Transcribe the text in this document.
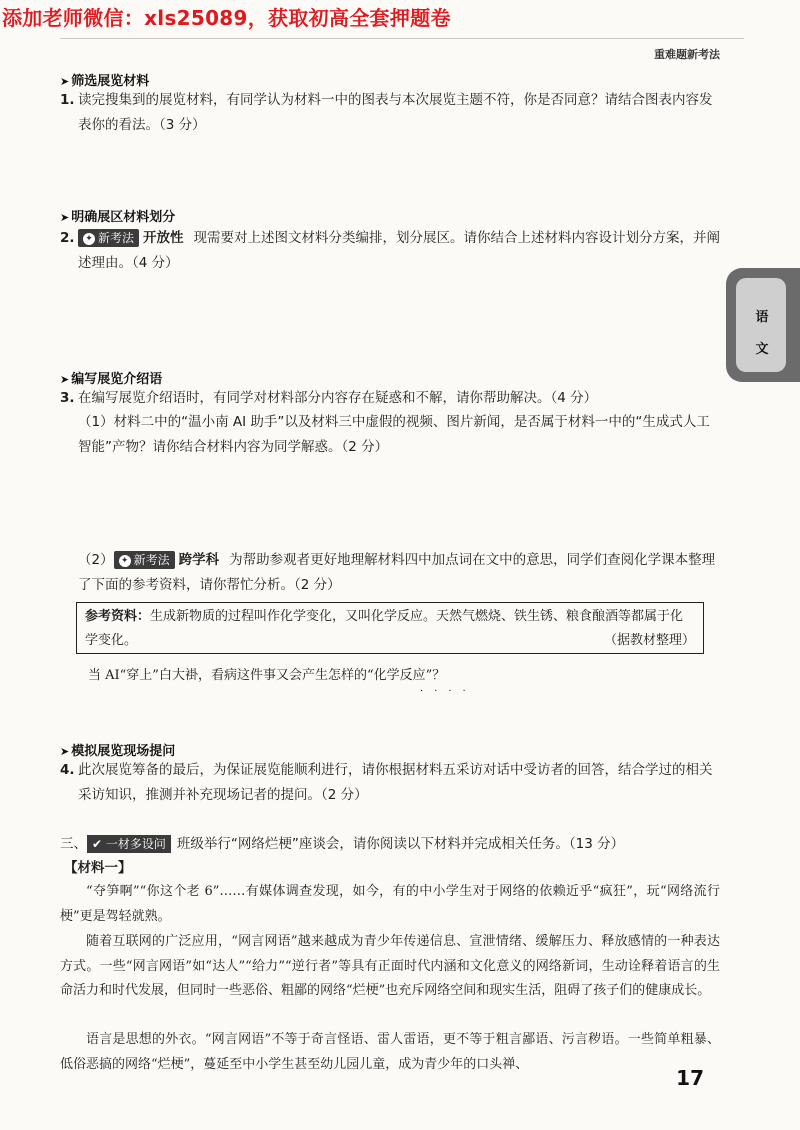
添加老师微信：xls25089，获取初高全套押题卷
重难题新考法
语
文
➤ 筛选展览材料
1. 读完搜集到的展览材料，有同学认为材料一中的图表与本次展览主题不符，你是否同意？请结合图表内容发表你的看法。（3 分）
➤ 明确展区材料划分
2.	✦ 新考法 开放性 现需要对上述图文材料分类编排，划分展区。请你结合上述材料内容设计划分方案，并阐述理由。（4 分）
➤ 编写展览介绍语
3. 在编写展览介绍语时，有同学对材料部分内容存在疑惑和不解，请你帮助解决。（4 分）
（1）材料二中的“温小南 AI 助手”以及材料三中虚假的视频、图片新闻，是否属于材料一中的“生成式人工智能”产物？请你结合材料内容为同学解惑。（2 分）
（2） ✦ 新考法 跨学科 为帮助参观者更好地理解材料四中加点词在文中的意思，同学们查阅化学课本整理了下面的参考资料，请你帮忙分析。（2 分）
参考资料：生成新物质的过程叫作化学变化，又叫化学反应。天然气燃烧、铁生锈、粮食酿酒等都属于化学变化。	（据教材整理）
当 AI“穿上”白大褂，看病这件事又会产生怎样的“化学反应”？
····
➤ 模拟展览现场提问
4. 此次展览筹备的最后，为保证展览能顺利进行，请你根据材料五采访对话中受访者的回答，结合学过的相关采访知识，推测并补充现场记者的提问。（2 分）
三、 ✔ 一材多设问 班级举行“网络烂梗”座谈会，请你阅读以下材料并完成相关任务。（13 分）
【材料一】
“夺笋啊”“你这个老 6”……有媒体调查发现，如今，有的中小学生对于网络的依赖近乎“疯狂”，玩“网络流行梗”更是驾轻就熟。
随着互联网的广泛应用，“网言网语”越来越成为青少年传递信息、宣泄情绪、缓解压力、释放感情的一种表达方式。一些“网言网语”如“达人”“给力”“逆行者”等具有正面时代内涵和文化意义的网络新词，生动诠释着语言的生命活力和时代发展，但同时一些恶俗、粗鄙的网络“烂梗”也充斥网络空间和现实生活，阻碍了孩子们的健康成长。
语言是思想的外衣。“网言网语”不等于奇言怪语、雷人雷语，更不等于粗言鄙语、污言秽语。一些简单粗暴、低俗恶搞的网络“烂梗”，蔓延至中小学生甚至幼儿园儿童，成为青少年的口头禅、
17
